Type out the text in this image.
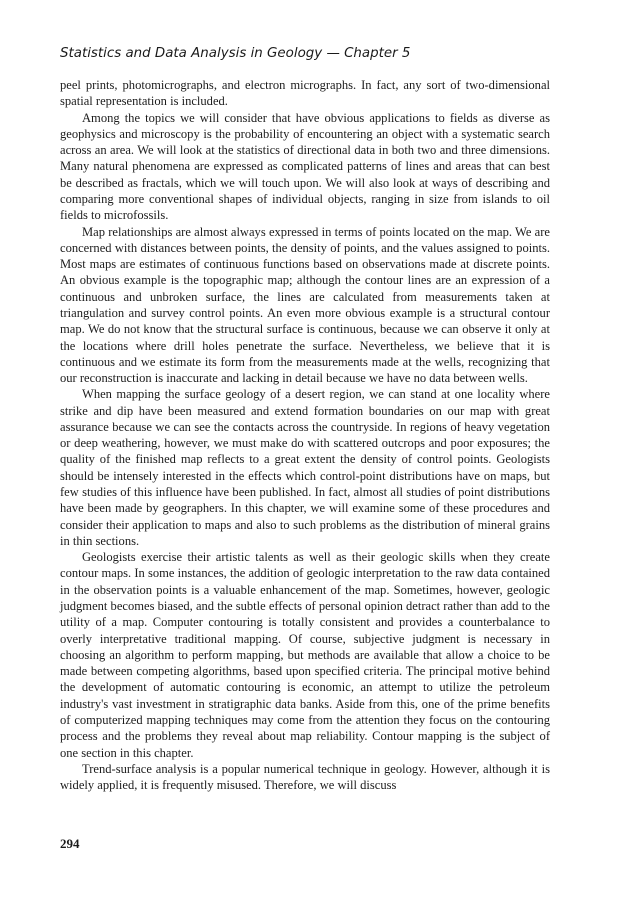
Statistics and Data Analysis in Geology — Chapter 5

peel prints, photomicrographs, and electron micrographs. In fact, any sort of two-dimensional spatial representation is included.

Among the topics we will consider that have obvious applications to fields as diverse as geophysics and microscopy is the probability of encountering an object with a systematic search across an area. We will look at the statistics of directional data in both two and three dimensions. Many natural phenomena are expressed as complicated patterns of lines and areas that can best be described as fractals, which we will touch upon. We will also look at ways of describing and comparing more conventional shapes of individual objects, ranging in size from islands to oil fields to microfossils.

Map relationships are almost always expressed in terms of points located on the map. We are concerned with distances between points, the density of points, and the values assigned to points. Most maps are estimates of continuous functions based on observations made at discrete points. An obvious example is the topographic map; although the contour lines are an expression of a continuous and unbroken surface, the lines are calculated from measurements taken at triangulation and survey control points. An even more obvious example is a structural contour map. We do not know that the structural surface is continuous, because we can observe it only at the locations where drill holes penetrate the surface. Nevertheless, we believe that it is continuous and we estimate its form from the measurements made at the wells, recognizing that our reconstruction is inaccurate and lacking in detail because we have no data between wells.

When mapping the surface geology of a desert region, we can stand at one locality where strike and dip have been measured and extend formation boundaries on our map with great assurance because we can see the contacts across the countryside. In regions of heavy vegetation or deep weathering, however, we must make do with scattered outcrops and poor exposures; the quality of the finished map reflects to a great extent the density of control points. Geologists should be intensely interested in the effects which control-point distributions have on maps, but few studies of this influence have been published. In fact, almost all studies of point distributions have been made by geographers. In this chapter, we will examine some of these procedures and consider their application to maps and also to such problems as the distribution of mineral grains in thin sections.

Geologists exercise their artistic talents as well as their geologic skills when they create contour maps. In some instances, the addition of geologic interpretation to the raw data contained in the observation points is a valuable enhancement of the map. Sometimes, however, geologic judgment becomes biased, and the subtle effects of personal opinion detract rather than add to the utility of a map. Computer contouring is totally consistent and provides a counterbalance to overly interpretative traditional mapping. Of course, subjective judgment is necessary in choosing an algorithm to perform mapping, but methods are available that allow a choice to be made between competing algorithms, based upon specified criteria. The principal motive behind the development of automatic contouring is economic, an attempt to utilize the petroleum industry's vast investment in stratigraphic data banks. Aside from this, one of the prime benefits of computerized mapping techniques may come from the attention they focus on the contouring process and the problems they reveal about map reliability. Contour mapping is the subject of one section in this chapter.

Trend-surface analysis is a popular numerical technique in geology. However, although it is widely applied, it is frequently misused. Therefore, we will discuss

294
